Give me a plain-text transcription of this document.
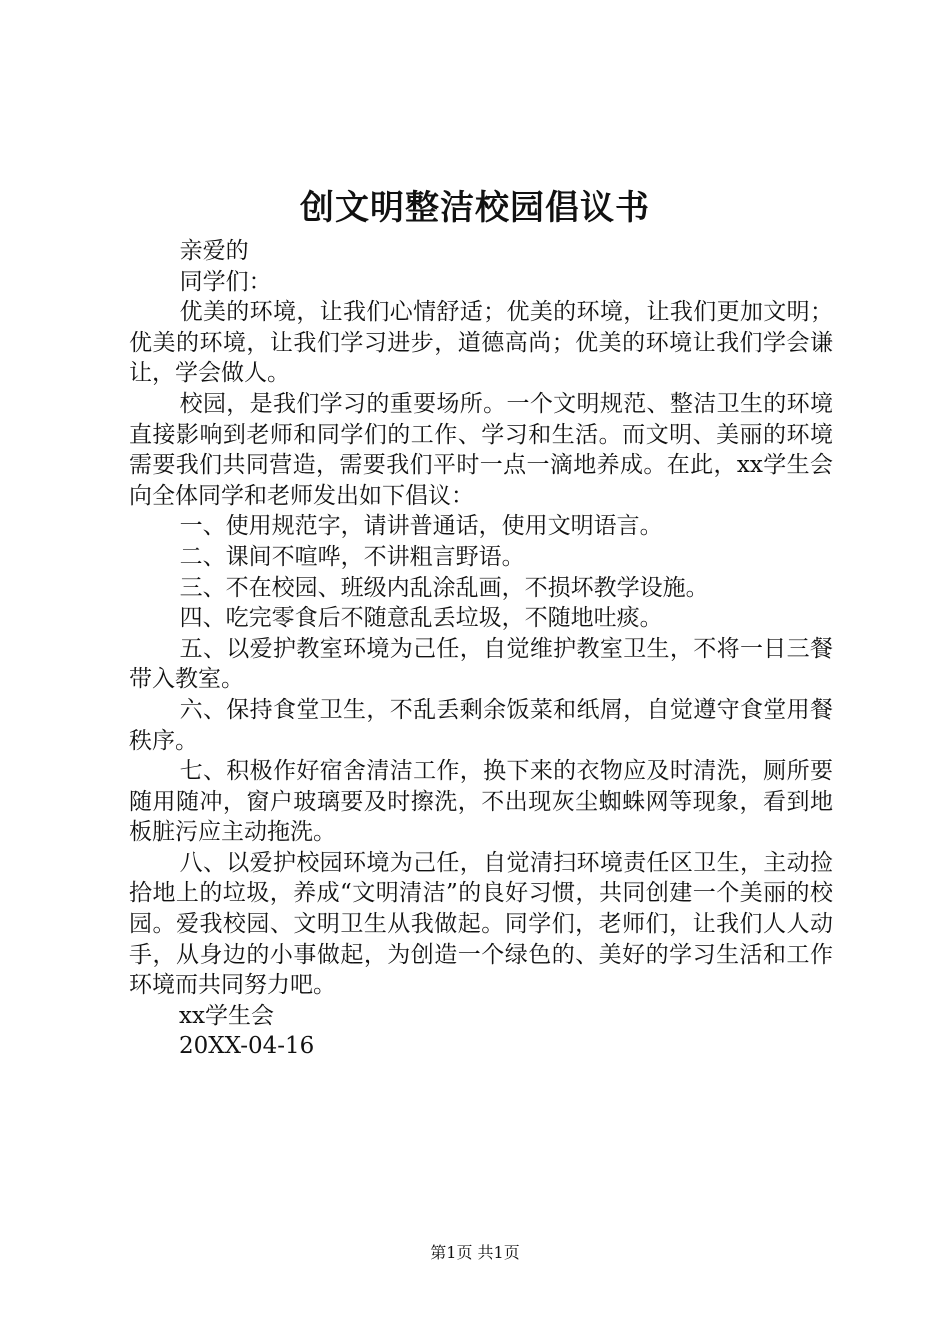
创文明整洁校园倡议书

亲爱的

同学们：

优美的环境，让我们心情舒适；优美的环境，让我们更加文明；优美的环境，让我们学习进步，道德高尚；优美的环境让我们学会谦让，学会做人。

校园，是我们学习的重要场所。一个文明规范、整洁卫生的环境直接影响到老师和同学们的工作、学习和生活。而文明、美丽的环境需要我们共同营造，需要我们平时一点一滴地养成。在此，xx学生会向全体同学和老师发出如下倡议：

一、使用规范字，请讲普通话，使用文明语言。

二、课间不喧哗，不讲粗言野语。

三、不在校园、班级内乱涂乱画，不损坏教学设施。

四、吃完零食后不随意乱丢垃圾，不随地吐痰。

五、以爱护教室环境为己任，自觉维护教室卫生，不将一日三餐带入教室。

六、保持食堂卫生，不乱丢剩余饭菜和纸屑，自觉遵守食堂用餐秩序。

七、积极作好宿舍清洁工作，换下来的衣物应及时清洗，厕所要随用随冲，窗户玻璃要及时擦洗，不出现灰尘蜘蛛网等现象，看到地板脏污应主动拖洗。

八、以爱护校园环境为己任，自觉清扫环境责任区卫生，主动捡拾地上的垃圾，养成“文明清洁”的良好习惯，共同创建一个美丽的校园。爱我校园、文明卫生从我做起。同学们，老师们，让我们人人动手，从身边的小事做起，为创造一个绿色的、美好的学习生活和工作环境而共同努力吧。

xx学生会

20XX-04-16

第1页 共1页
